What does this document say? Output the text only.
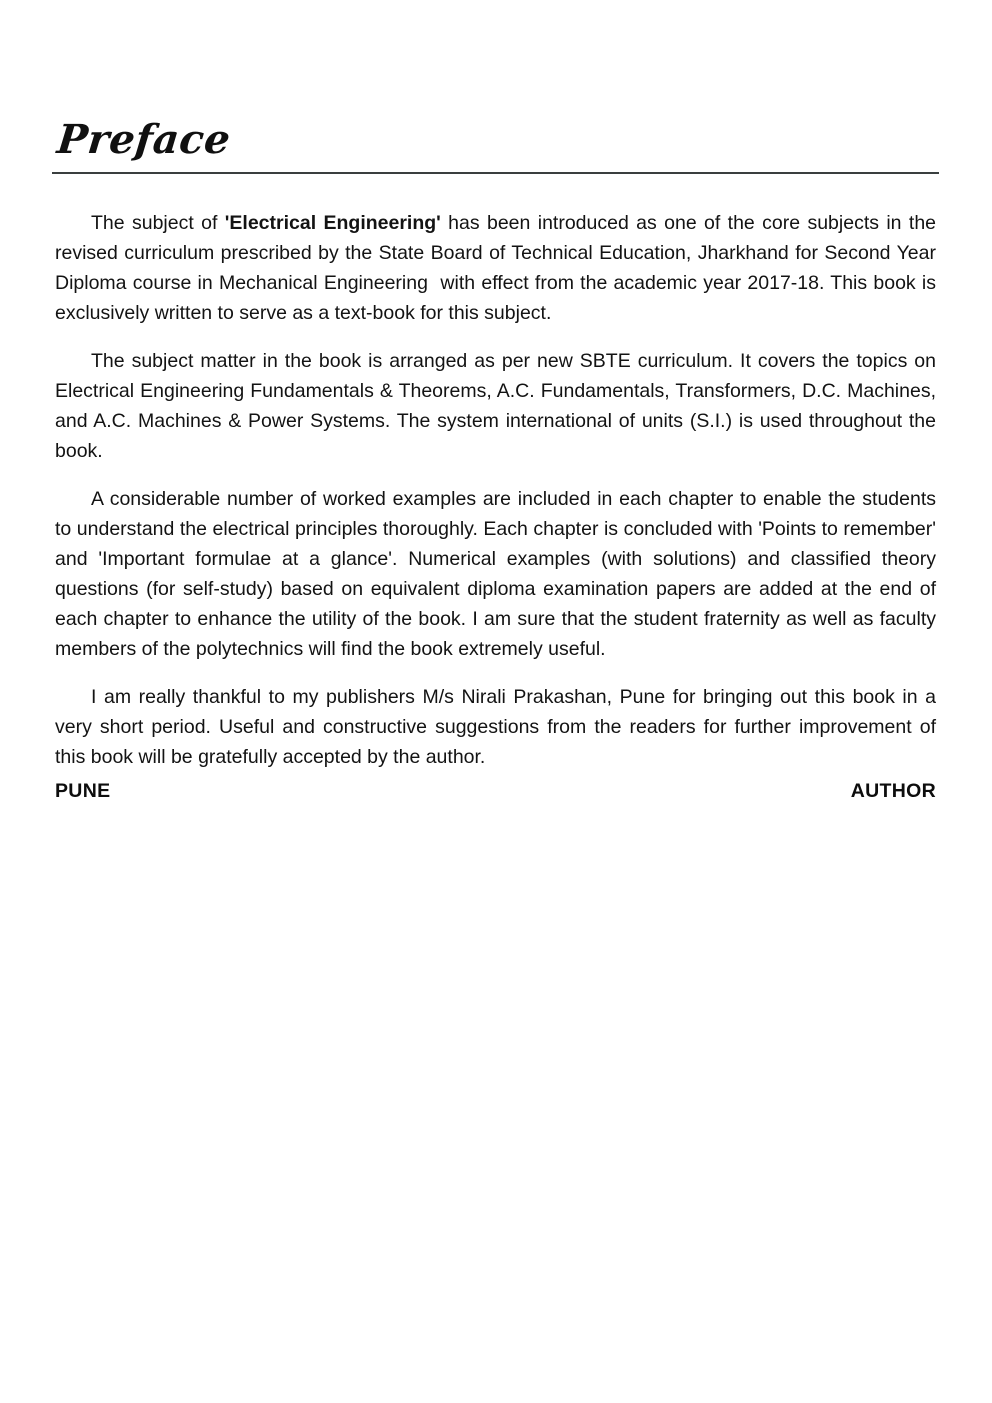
Preface

The subject of 'Electrical Engineering' has been introduced as one of the core subjects in the revised curriculum prescribed by the State Board of Technical Education, Jharkhand for Second Year Diploma course in Mechanical Engineering  with effect from the academic year 2017-18. This book is exclusively written to serve as a text-book for this subject.

The subject matter in the book is arranged as per new SBTE curriculum. It covers the topics on Electrical Engineering Fundamentals & Theorems, A.C. Fundamentals, Transformers, D.C. Machines, and A.C. Machines & Power Systems. The system international of units (S.I.) is used throughout the book.

A considerable number of worked examples are included in each chapter to enable the students to understand the electrical principles thoroughly. Each chapter is concluded with 'Points to remember' and 'Important formulae at a glance'. Numerical examples (with solutions) and classified theory questions (for self-study) based on equivalent diploma examination papers are added at the end of each chapter to enhance the utility of the book. I am sure that the student fraternity as well as faculty members of the polytechnics will find the book extremely useful.

I am really thankful to my publishers M/s Nirali Prakashan, Pune for bringing out this book in a very short period. Useful and constructive suggestions from the readers for further improvement of this book will be gratefully accepted by the author.

PUNE	AUTHOR
